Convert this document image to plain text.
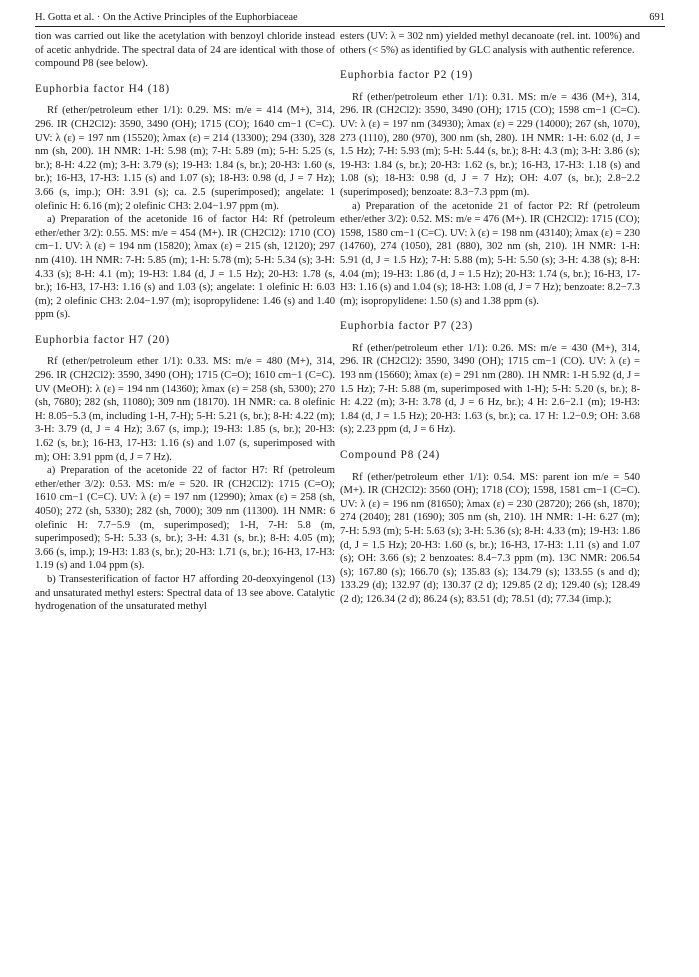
H. Gotta et al. · On the Active Principles of the Euphorbiaceae	691

tion was carried out like the acetylation with benzoyl chloride instead of acetic anhydride. The spectral data of 24 are identical with those of compound P8 (see below).

Euphorbia factor H4 (18)

Rf (ether/petroleum ether 1/1): 0.29. MS: m/e = 414 (M+), 314, 296. IR (CH2Cl2): 3590, 3490 (OH); 1715 (CO); 1640 cm−1 (C=C). UV: λ (ε) = 197 nm (15520); λmax (ε) = 214 (13300); 294 (330), 328 nm (sh, 200). 1H NMR: 1-H: 5.98 (m); 7-H: 5.89 (m); 5-H: 5.25 (s, br.); 8-H: 4.22 (m); 3-H: 3.79 (s); 19-H3: 1.84 (s, br.); 20-H3: 1.60 (s, br.); 16-H3, 17-H3: 1.15 (s) and 1.07 (s); 18-H3: 0.98 (d, J = 7 Hz); 3.66 (s, imp.); OH: 3.91 (s); ca. 2.5 (superimposed); angelate: 1 olefinic H: 6.16 (m); 2 olefinic CH3: 2.04−1.97 ppm (m).

a) Preparation of the acetonide 16 of factor H4: Rf (petroleum ether/ether 3/2): 0.55. MS: m/e = 454 (M+). IR (CH2Cl2): 1710 (CO) cm−1. UV: λ (ε) = 194 nm (15820); λmax (ε) = 215 (sh, 12120); 297 nm (410). 1H NMR: 7-H: 5.85 (m); 1-H: 5.78 (m); 5-H: 5.34 (s); 3-H: 4.33 (s); 8-H: 4.1 (m); 19-H3: 1.84 (d, J = 1.5 Hz); 20-H3: 1.78 (s, br.); 16-H3, 17-H3: 1.16 (s) and 1.03 (s); angelate: 1 olefinic H: 6.03 (m); 2 olefinic CH3: 2.04−1.97 (m); isopropylidene: 1.46 (s) and 1.40 ppm (s).

Euphorbia factor H7 (20)

Rf (ether/petroleum ether 1/1): 0.33. MS: m/e = 480 (M+), 314, 296. IR (CH2Cl2): 3590, 3490 (OH); 1715 (C=O); 1610 cm−1 (C=C). UV (MeOH): λ (ε) = 194 nm (14360); λmax (ε) = 258 (sh, 5300); 270 (sh, 7680); 282 (sh, 11080); 309 nm (18170). 1H NMR: ca. 8 olefinic H: 8.05−5.3 (m, including 1-H, 7-H); 5-H: 5.21 (s, br.); 8-H: 4.22 (m); 3-H: 3.79 (d, J = 4 Hz); 3.67 (s, imp.); 19-H3: 1.85 (s, br.); 20-H3: 1.62 (s, br.); 16-H3, 17-H3: 1.16 (s) and 1.07 (s, superimposed with m); OH: 3.91 ppm (d, J = 7 Hz).

a) Preparation of the acetonide 22 of factor H7: Rf (petroleum ether/ether 3/2): 0.53. MS: m/e = 520. IR (CH2Cl2): 1715 (C=O); 1610 cm−1 (C=C). UV: λ (ε) = 197 nm (12990); λmax (ε) = 258 (sh, 4050); 272 (sh, 5330); 282 (sh, 7000); 309 nm (11300). 1H NMR: 6 olefinic H: 7.7−5.9 (m, superimposed); 1-H, 7-H: 5.8 (m, superimposed); 5-H: 5.33 (s, br.); 3-H: 4.31 (s, br.); 8-H: 4.05 (m); 3.66 (s, imp.); 19-H3: 1.83 (s, br.); 20-H3: 1.71 (s, br.); 16-H3, 17-H3: 1.19 (s) and 1.04 ppm (s).

b) Transesterification of factor H7 affording 20-deoxyingenol (13) and unsaturated methyl esters: Spectral data of 13 see above. Catalytic hydrogenation of the unsaturated methyl

esters (UV: λ = 302 nm) yielded methyl decanoate (rel. int. 100%) and others (< 5%) as identified by GLC analysis with authentic reference.

Euphorbia factor P2 (19)

Rf (ether/petroleum ether 1/1): 0.31. MS: m/e = 436 (M+), 314, 296. IR (CH2Cl2): 3590, 3490 (OH); 1715 (CO); 1598 cm−1 (C=C). UV: λ (ε) = 197 nm (34930); λmax (ε) = 229 (14000); 267 (sh, 1070), 273 (1110), 280 (970), 300 nm (sh, 280). 1H NMR: 1-H: 6.02 (d, J = 1.5 Hz); 7-H: 5.93 (m); 5-H: 5.44 (s, br.); 8-H: 4.3 (m); 3-H: 3.86 (s); 19-H3: 1.84 (s, br.); 20-H3: 1.62 (s, br.); 16-H3, 17-H3: 1.18 (s) and 1.08 (s); 18-H3: 0.98 (d, J = 7 Hz); OH: 4.07 (s, br.); 2.8−2.2 (superimposed); benzoate: 8.3−7.3 ppm (m).

a) Preparation of the acetonide 21 of factor P2: Rf (petroleum ether/ether 3/2): 0.52. MS: m/e = 476 (M+). IR (CH2Cl2): 1715 (CO); 1598, 1580 cm−1 (C=C). UV: λ (ε) = 198 nm (43140); λmax (ε) = 230 (14760), 274 (1050), 281 (880), 302 nm (sh, 210). 1H NMR: 1-H: 5.91 (d, J = 1.5 Hz); 7-H: 5.88 (m); 5-H: 5.50 (s); 3-H: 4.38 (s); 8-H: 4.04 (m); 19-H3: 1.86 (d, J = 1.5 Hz); 20-H3: 1.74 (s, br.); 16-H3, 17-H3: 1.16 (s) and 1.04 (s); 18-H3: 1.08 (d, J = 7 Hz); benzoate: 8.2−7.3 (m); isopropylidene: 1.50 (s) and 1.38 ppm (s).

Euphorbia factor P7 (23)

Rf (ether/petroleum ether 1/1): 0.26. MS: m/e = 430 (M+), 314, 296. IR (CH2Cl2): 3590, 3490 (OH); 1715 cm−1 (CO). UV: λ (ε) = 193 nm (15660); λmax (ε) = 291 nm (280). 1H NMR: 1-H 5.92 (d, J = 1.5 Hz); 7-H: 5.88 (m, superimposed with 1-H); 5-H: 5.20 (s, br.); 8-H: 4.22 (m); 3-H: 3.78 (d, J = 6 Hz, br.); 4 H: 2.6−2.1 (m); 19-H3: 1.84 (d, J = 1.5 Hz); 20-H3: 1.63 (s, br.); ca. 17 H: 1.2−0.9; OH: 3.68 (s); 2.23 ppm (d, J = 6 Hz).

Compound P8 (24)

Rf (ether/petroleum ether 1/1): 0.54. MS: parent ion m/e = 540 (M+). IR (CH2Cl2): 3560 (OH); 1718 (CO); 1598, 1581 cm−1 (C=C). UV: λ (ε) = 196 nm (81650); λmax (ε) = 230 (28720); 266 (sh, 1870); 274 (2040); 281 (1690); 305 nm (sh, 210). 1H NMR: 1-H: 6.27 (m); 7-H: 5.93 (m); 5-H: 5.63 (s); 3-H: 5.36 (s); 8-H: 4.33 (m); 19-H3: 1.86 (d, J = 1.5 Hz); 20-H3: 1.60 (s, br.); 16-H3, 17-H3: 1.11 (s) and 1.07 (s); OH: 3.66 (s); 2 benzoates: 8.4−7.3 ppm (m). 13C NMR: 206.54 (s); 167.80 (s); 166.70 (s); 135.83 (s); 134.79 (s); 133.55 (s and d); 133.29 (d); 132.97 (d); 130.37 (2 d); 129.85 (2 d); 129.40 (s); 128.49 (2 d); 126.34 (2 d); 86.24 (s); 83.51 (d); 78.51 (d); 77.34 (imp.);
